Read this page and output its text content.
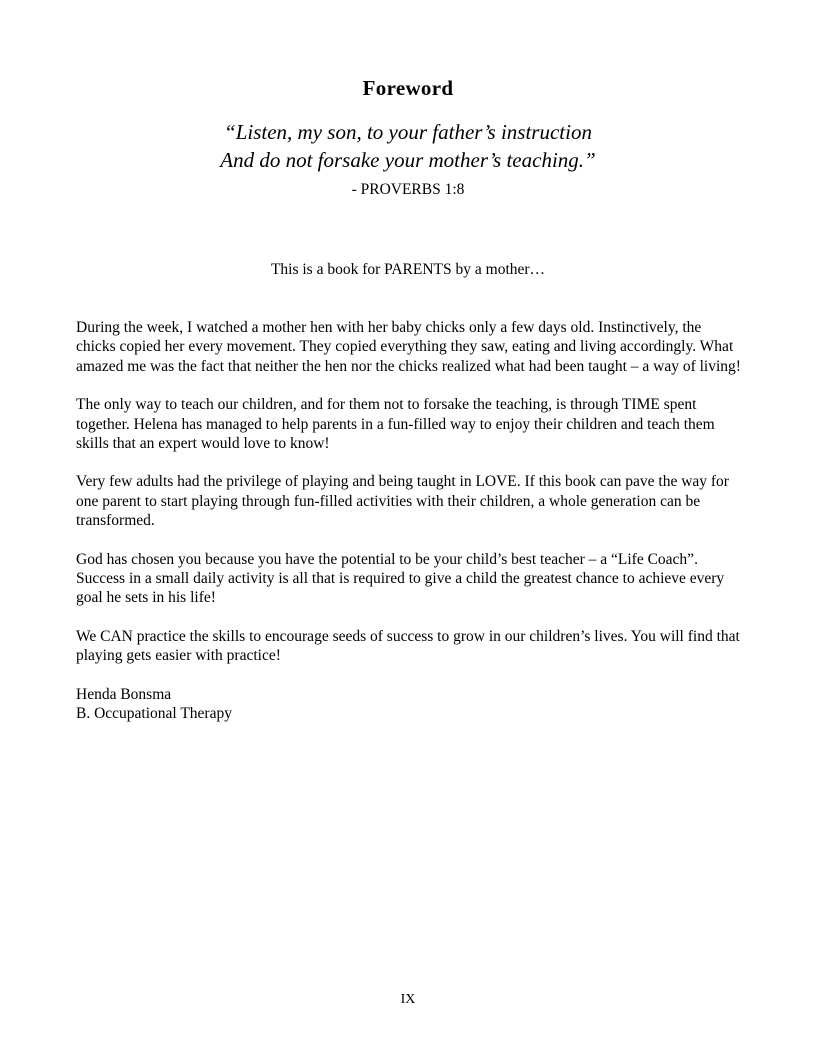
Foreword
“Listen, my son, to your father’s instruction
And do not forsake your mother’s teaching.”
- PROVERBS 1:8
This is a book for PARENTS by a mother…

During the week, I watched a mother hen with her baby chicks only a few days old. Instinctively, the chicks copied her every movement. They copied everything they saw, eating and living accordingly. What amazed me was the fact that neither the hen nor the chicks realized what had been taught – a way of living!

The only way to teach our children, and for them not to forsake the teaching, is through TIME spent together. Helena has managed to help parents in a fun-filled way to enjoy their children and teach them skills that an expert would love to know!

Very few adults had the privilege of playing and being taught in LOVE. If this book can pave the way for one parent to start playing through fun-filled activities with their children, a whole generation can be transformed.

God has chosen you because you have the potential to be your child’s best teacher – a “Life Coach”. Success in a small daily activity is all that is required to give a child the greatest chance to achieve every goal he sets in his life!

We CAN practice the skills to encourage seeds of success to grow in our children’s lives. You will find that playing gets easier with practice!

Henda Bonsma
B. Occupational Therapy

IX
